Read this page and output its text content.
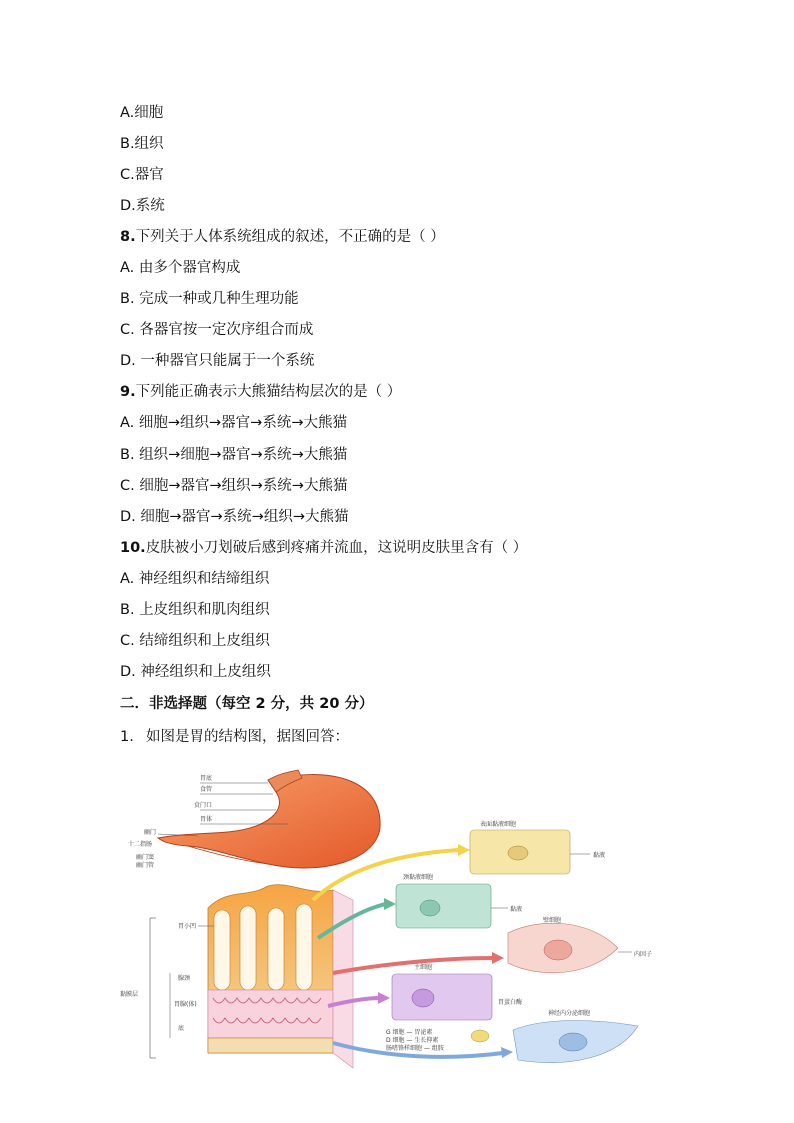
A.细胞
B.组织
C.器官
D.系统
8.下列关于人体系统组成的叙述，不正确的是（ ）
A. 由多个器官构成
B. 完成一种或几种生理功能
C. 各器官按一定次序组合而成
D. 一种器官只能属于一个系统
9.下列能正确表示大熊猫结构层次的是（ ）
A. 细胞→组织→器官→系统→大熊猫
B. 组织→细胞→器官→系统→大熊猫
C. 细胞→器官→组织→系统→大熊猫
D. 细胞→器官→系统→组织→大熊猫
10.皮肤被小刀划破后感到疼痛并流血，这说明皮肤里含有（ ）
A. 神经组织和结缔组织
B. 上皮组织和肌肉组织
C. 结缔组织和上皮组织
D. 神经组织和上皮组织
二．非选择题（每空 2 分，共 20 分）
1. 如图是胃的结构图，据图回答：
胃底
食管
贲门口
胃体
幽门
十二指肠
幽门窦
幽门管
胃小凹
黏膜层
腺颈
胃腺(体)
底
表面黏液细胞
黏液
颈黏液细胞
黏液
壁细胞
内因子
主细胞
胃蛋白酶
神经内分泌细胞
G 细胞 — 胃泌素
D 细胞 — 生长抑素
肠嗜铬样细胞 — 组胺
